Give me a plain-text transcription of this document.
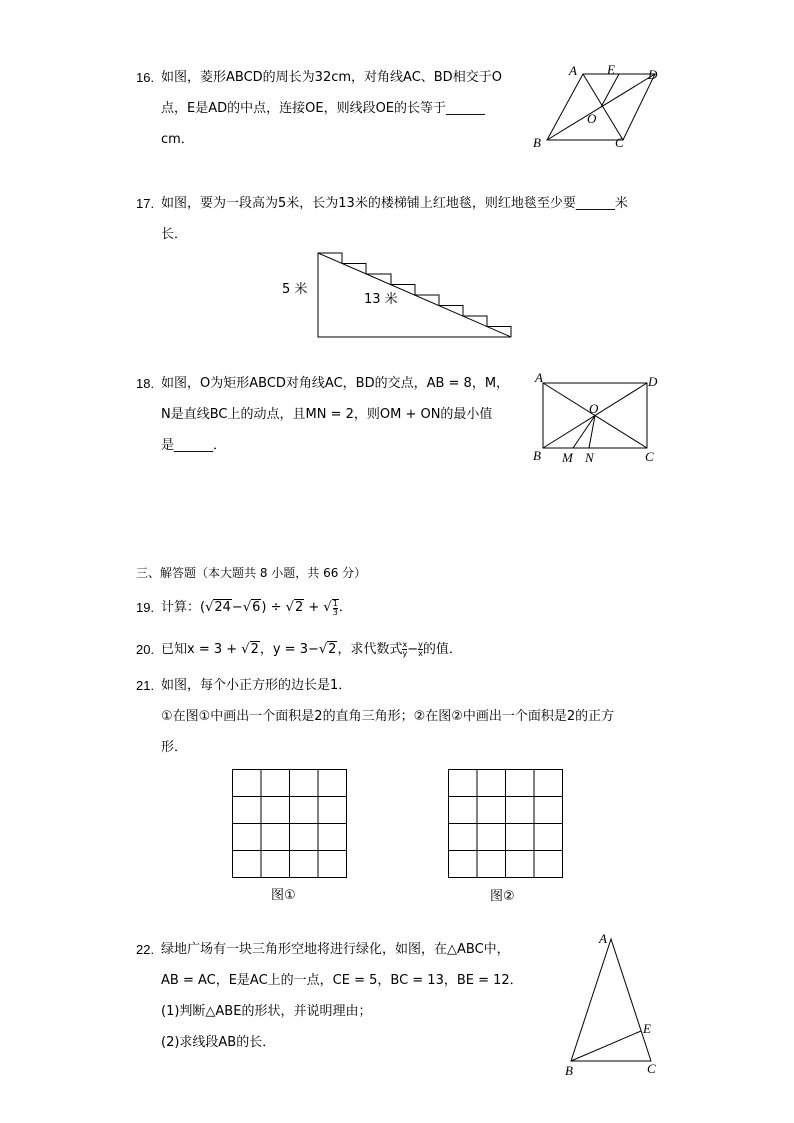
16. 如图，菱形ABCD的周长为32cm，对角线AC、BD相交于O
点，E是AD的中点，连接OE，则线段OE的长等于______
cm．
A E	D
O
B	C
17. 如图，要为一段高为5米，长为13米的楼梯铺上红地毯，则红地毯至少要______米
长．
5 米
13 米
18. 如图，O为矩形ABCD对角线AC，BD的交点，AB = 8，M，
N是直线BC上的动点，且MN = 2，则OM + ON的最小值
是______．
A	D
O
B M N	C
三、解答题（本大题共 8 小题，共 66 分）
19. 计算：(√24−√6) ÷ √2 + √ $\frac{1}{3}$ ．
20. 已知x = 3 + √2，y = 3−√2，求代数式 $\frac{x}{y} - \frac{y}{x}$ 的值．
21. 如图，每个小正方形的边长是1．
①在图①中画出一个面积是2的直角三角形；②在图②中画出一个面积是2的正方
形．
图①	图②
22. 绿地广场有一块三角形空地将进行绿化，如图，在△ABC中，
AB = AC，E是AC上的一点，CE = 5，BC = 13，BE = 12．
(1)判断△ABE的形状，并说明理由；
(2)求线段AB的长．
A
E
B	C
